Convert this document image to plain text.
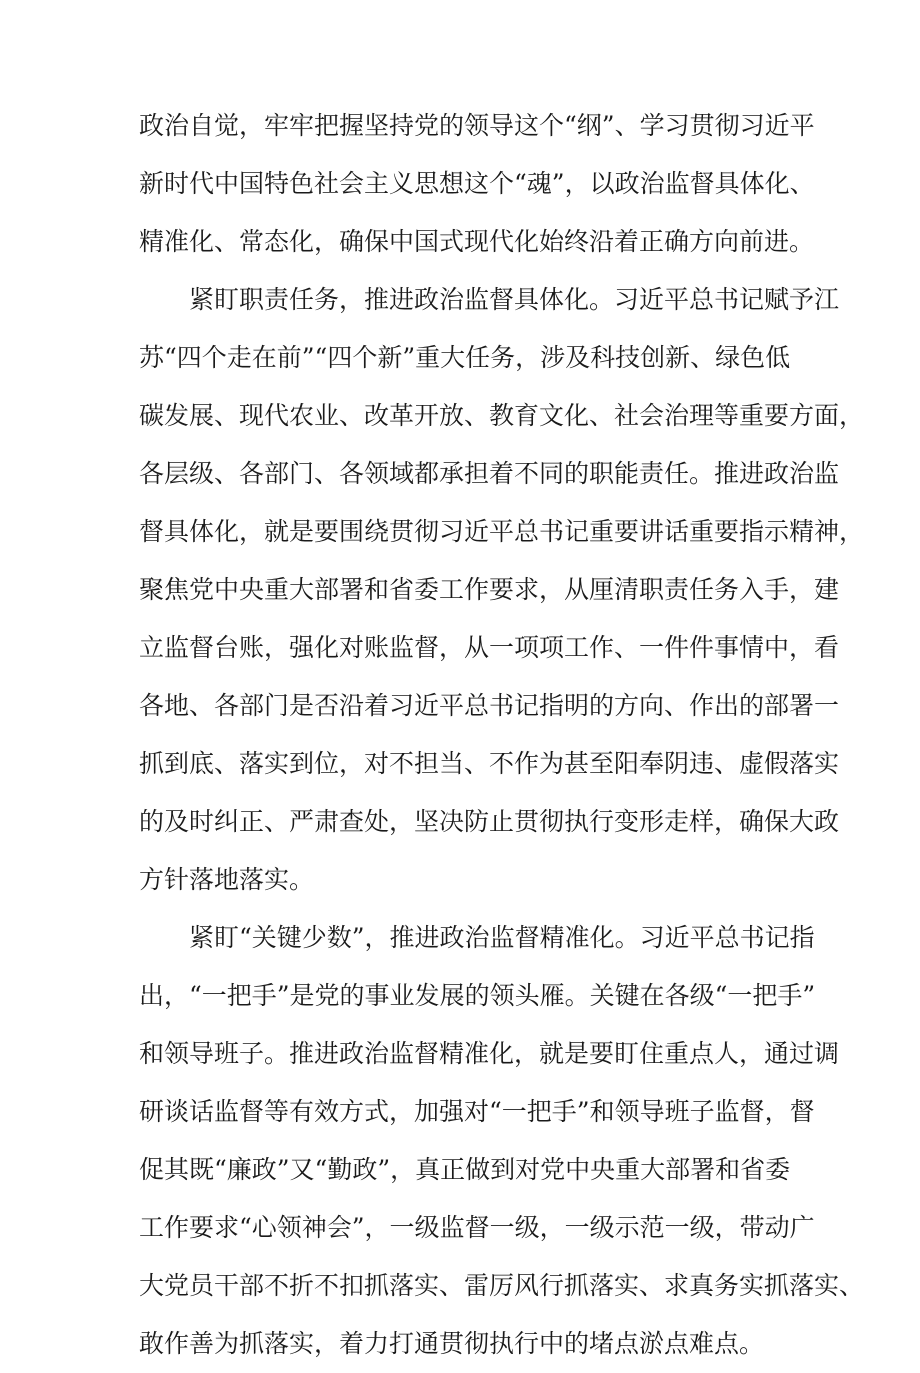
政治自觉，牢牢把握坚持党的领导这个“纲”、学习贯彻习近平
新时代中国特色社会主义思想这个“魂”，以政治监督具体化、
精准化、常态化，确保中国式现代化始终沿着正确方向前进。
紧盯职责任务，推进政治监督具体化。习近平总书记赋予江
苏“四个走在前”“四个新”重大任务，涉及科技创新、绿色低
碳发展、现代农业、改革开放、教育文化、社会治理等重要方面，
各层级、各部门、各领域都承担着不同的职能责任。推进政治监
督具体化，就是要围绕贯彻习近平总书记重要讲话重要指示精神，
聚焦党中央重大部署和省委工作要求，从厘清职责任务入手，建
立监督台账，强化对账监督，从一项项工作、一件件事情中，看
各地、各部门是否沿着习近平总书记指明的方向、作出的部署一
抓到底、落实到位，对不担当、不作为甚至阳奉阴违、虚假落实
的及时纠正、严肃查处，坚决防止贯彻执行变形走样，确保大政
方针落地落实。
紧盯“关键少数”，推进政治监督精准化。习近平总书记指
出，“一把手”是党的事业发展的领头雁。关键在各级“一把手”
和领导班子。推进政治监督精准化，就是要盯住重点人，通过调
研谈话监督等有效方式，加强对“一把手”和领导班子监督，督
促其既“廉政”又“勤政”，真正做到对党中央重大部署和省委
工作要求“心领神会”，一级监督一级，一级示范一级，带动广
大党员干部不折不扣抓落实、雷厉风行抓落实、求真务实抓落实、
敢作善为抓落实，着力打通贯彻执行中的堵点淤点难点。
